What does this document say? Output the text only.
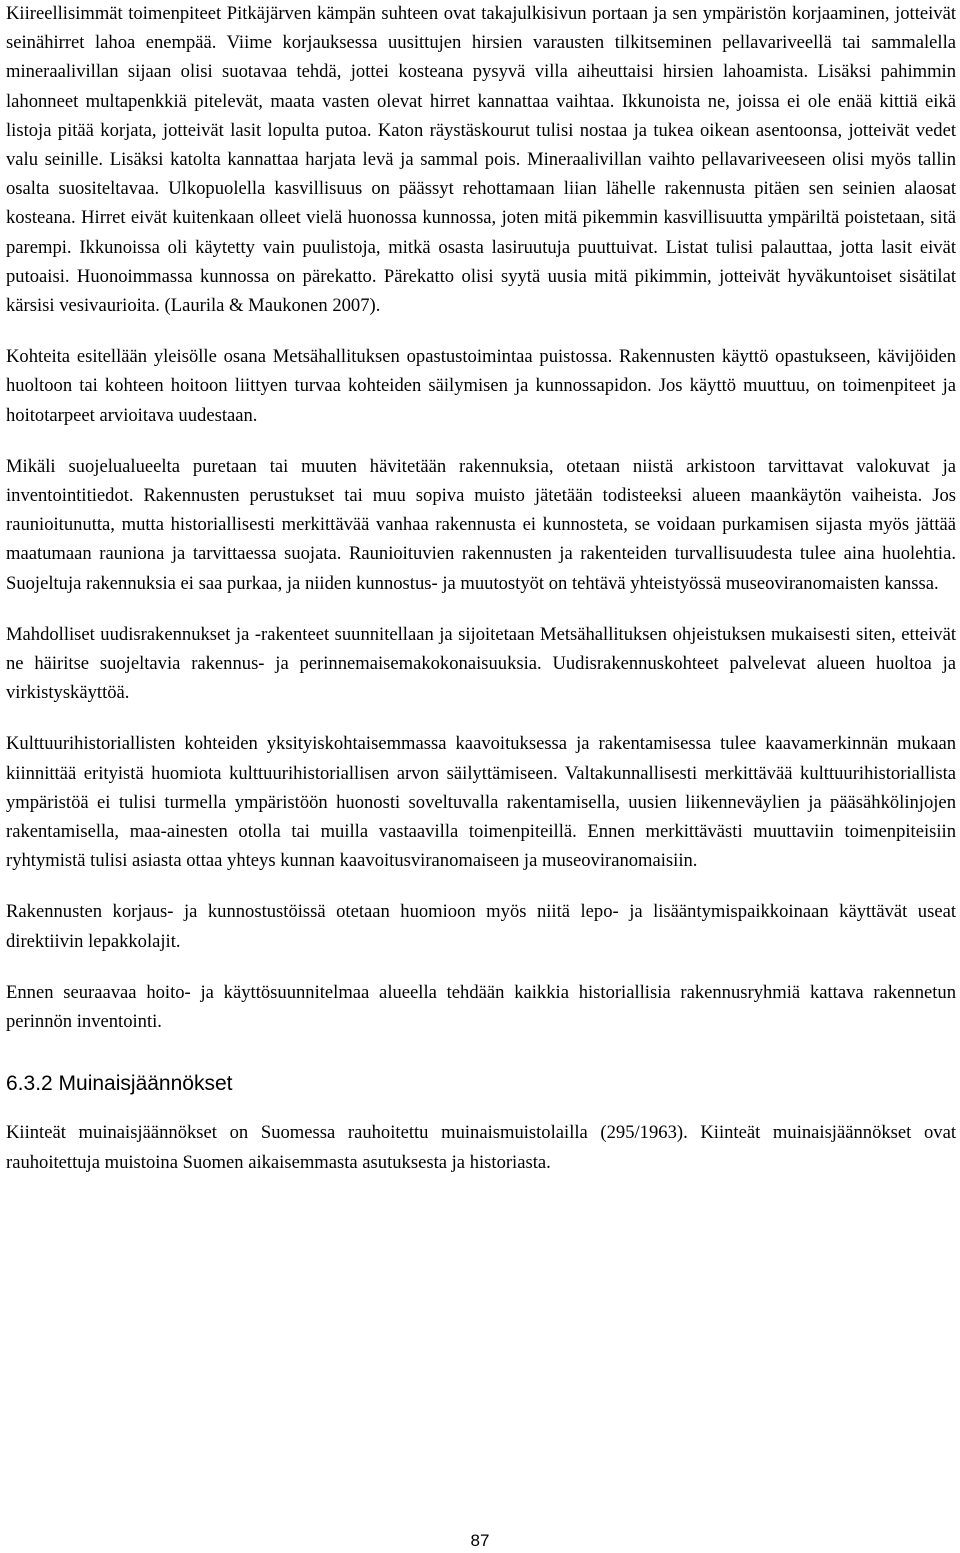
Kiireellisimmät toimenpiteet Pitkäjärven kämpän suhteen ovat takajulkisivun portaan ja sen ympäristön korjaaminen, jotteivät seinähirret lahoa enempää. Viime korjauksessa uusittujen hirsien varausten tilkitseminen pellavariveellä tai sammalella mineraalivillan sijaan olisi suotavaa tehdä, jottei kosteana pysyvä villa aiheuttaisi hirsien lahoamista. Lisäksi pahimmin lahonneet multapenkkiä pitelevät, maata vasten olevat hirret kannattaa vaihtaa. Ikkunoista ne, joissa ei ole enää kittiä eikä listoja pitää korjata, jotteivät lasit lopulta putoa. Katon räystäskourut tulisi nostaa ja tukea oikean asentoonsa, jotteivät vedet valu seinille. Lisäksi katolta kannattaa harjata levä ja sammal pois. Mineraalivillan vaihto pellavariveeseen olisi myös tallin osalta suositeltavaa. Ulkopuolella kasvillisuus on päässyt rehottamaan liian lähelle rakennusta pitäen sen seinien alaosat kosteana. Hirret eivät kuitenkaan olleet vielä huonossa kunnossa, joten mitä pikemmin kasvillisuutta ympäriltä poistetaan, sitä parempi. Ikkunoissa oli käytetty vain puulistoja, mitkä osasta lasiruutuja puuttuivat. Listat tulisi palauttaa, jotta lasit eivät putoaisi. Huonoimmassa kunnossa on pärekatto. Pärekatto olisi syytä uusia mitä pikimmin, jotteivät hyväkuntoiset sisätilat kärsisi vesivaurioita. (Laurila & Maukonen 2007).

Kohteita esitellään yleisölle osana Metsähallituksen opastustoimintaa puistossa. Rakennusten käyttö opastukseen, kävijöiden huoltoon tai kohteen hoitoon liittyen turvaa kohteiden säilymisen ja kunnossapidon. Jos käyttö muuttuu, on toimenpiteet ja hoitotarpeet arvioitava uudestaan.

Mikäli suojelualueelta puretaan tai muuten hävitetään rakennuksia, otetaan niistä arkistoon tarvittavat valokuvat ja inventointitiedot. Rakennusten perustukset tai muu sopiva muisto jätetään todisteeksi alueen maankäytön vaiheista. Jos raunioitunutta, mutta historiallisesti merkittävää vanhaa rakennusta ei kunnosteta, se voidaan purkamisen sijasta myös jättää maatumaan rauniona ja tarvittaessa suojata. Raunioituvien rakennusten ja rakenteiden turvallisuudesta tulee aina huolehtia. Suojeltuja rakennuksia ei saa purkaa, ja niiden kunnostus- ja muutostyöt on tehtävä yhteistyössä museoviranomaisten kanssa.

Mahdolliset uudisrakennukset ja -rakenteet suunnitellaan ja sijoitetaan Metsähallituksen ohjeistuksen mukaisesti siten, etteivät ne häiritse suojeltavia rakennus- ja perinnemaisemakokonaisuuksia. Uudisrakennuskohteet palvelevat alueen huoltoa ja virkistyskäyttöä.

Kulttuurihistoriallisten kohteiden yksityiskohtaisemmassa kaavoituksessa ja rakentamisessa tulee kaavamerkinnän mukaan kiinnittää erityistä huomiota kulttuurihistoriallisen arvon säilyttämiseen. Valtakunnallisesti merkittävää kulttuurihistoriallista ympäristöä ei tulisi turmella ympäristöön huonosti soveltuvalla rakentamisella, uusien liikenneväylien ja pääsähkölinjojen rakentamisella, maa-ainesten otolla tai muilla vastaavilla toimenpiteillä. Ennen merkittävästi muuttaviin toimenpiteisiin ryhtymistä tulisi asiasta ottaa yhteys kunnan kaavoitusviranomaiseen ja museoviranomaisiin.

Rakennusten korjaus- ja kunnostustöissä otetaan huomioon myös niitä lepo- ja lisääntymispaikkoinaan käyttävät useat direktiivin lepakkolajit.

Ennen seuraavaa hoito- ja käyttösuunnitelmaa alueella tehdään kaikkia historiallisia rakennusryhmiä kattava rakennetun perinnön inventointi.

6.3.2 Muinaisjäännökset

Kiinteät muinaisjäännökset on Suomessa rauhoitettu muinaismuistolailla (295/1963). Kiinteät muinaisjäännökset ovat rauhoitettuja muistoina Suomen aikaisemmasta asutuksesta ja historiasta.

87
